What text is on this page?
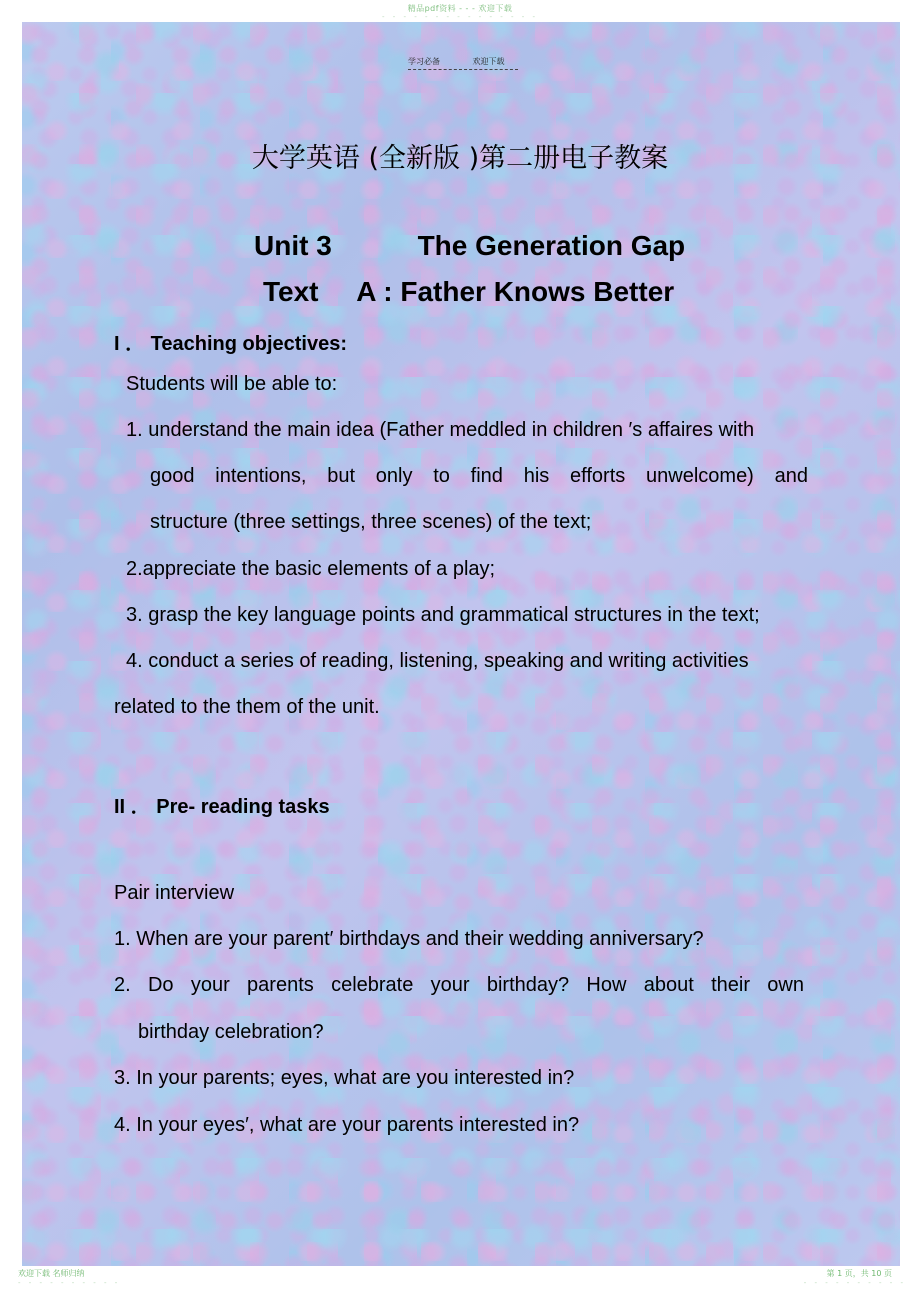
精品pdf资料 - - - 欢迎下载
- - - - - - - - - - - - - - -
学习必备	欢迎下载
大学英语 (全新版 )第二册电子教案
Unit 3	The Generation Gap
Text A : Father Knows Better
I ． Teaching objectives:
Students will be able to:
1. understand the main idea (Father meddled in children ′s affaires with
good intentions, but only to find his efforts unwelcome) and
structure (three settings, three scenes) of the text;
2.appreciate the basic elements of a play;
3. grasp the key language points and grammatical structures in the text;
4. conduct a series of reading, listening, speaking and writing activities
related to the them of the unit.
II ． Pre- reading tasks
Pair interview
1. When are your parent′ birthdays and their wedding anniversary?
2. Do your parents celebrate your birthday? How about their own
birthday celebration?
3. In your parents; eyes, what are you interested in?
4. In your eyes′, what are your parents interested in?
欢迎下载 名师归纳
- - - - - - - - - -
第 1 页，共 10 页
- - - - - - - - - -
